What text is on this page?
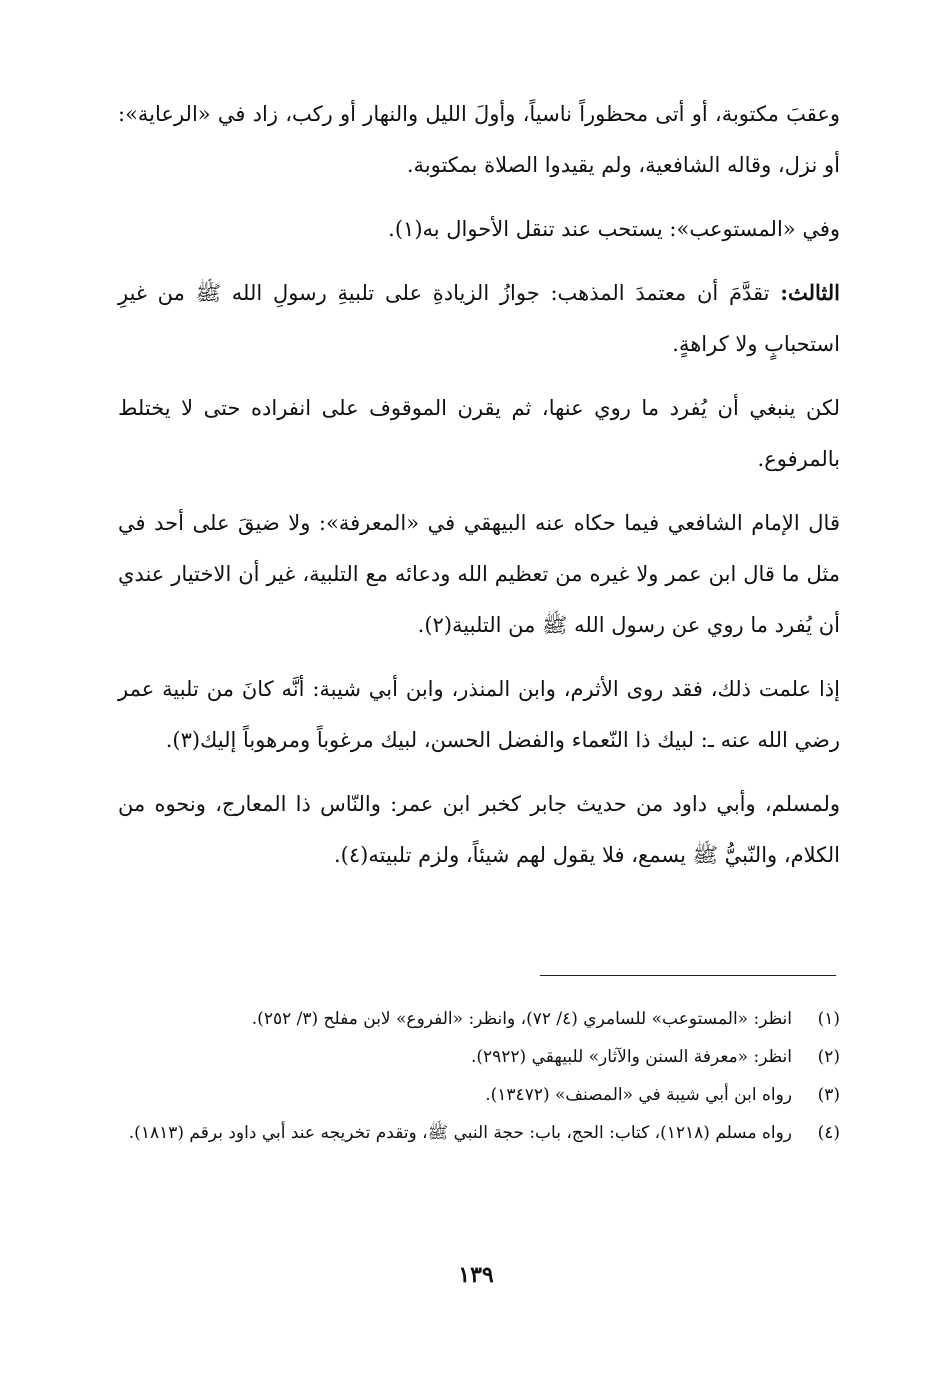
وعقبَ مكتوبة، أو أتى محظوراً ناسياً، وأولَ الليل والنهار أو ركب، زاد في «الرعاية»: أو نزل، وقاله الشافعية، ولم يقيدوا الصلاة بمكتوبة.

وفي «المستوعب»: يستحب عند تنقل الأحوال به(١).

الثالث: تقدَّمَ أن معتمدَ المذهب: جوازُ الزيادةِ على تلبيةِ رسولِ الله ﷺ من غيرِ استحبابٍ ولا كراهةٍ.

لكن ينبغي أن يُفرد ما روي عنها، ثم يقرن الموقوف على انفراده حتى لا يختلط بالمرفوع.

قال الإمام الشافعي فيما حكاه عنه البيهقي في «المعرفة»: ولا ضيقَ على أحد في مثل ما قال ابن عمر ولا غيره من تعظيم الله ودعائه مع التلبية، غير أن الاختيار عندي أن يُفرد ما روي عن رسول الله ﷺ من التلبية(٢).

إذا علمت ذلك، فقد روى الأثرم، وابن المنذر، وابن أبي شيبة: أنَّه كانَ من تلبية عمر رضي الله عنه ـ: لبيك ذا النّعماء والفضل الحسن، لبيك مرغوباً ومرهوباً إليك(٣).

ولمسلم، وأبي داود من حديث جابر كخبر ابن عمر: والنّاس ذا المعارج، ونحوه من الكلام، والنّبيُّ ﷺ يسمع، فلا يقول لهم شيئاً، ولزم تلبيته(٤).

(١)
انظر: «المستوعب» للسامري (٤/ ٧٢)، وانظر: «الفروع» لابن مفلح (٣/ ٢٥٢).
(٢)
انظر: «معرفة السنن والآثار» للبيهقي (٢٩٢٢).
(٣)
رواه ابن أبي شيبة في «المصنف» (١٣٤٧٢).
(٤)
رواه مسلم (١٢١٨)، كتاب: الحج، باب: حجة النبي ﷺ، وتقدم تخريجه عند أبي داود برقم (١٨١٣).
١٣٩
